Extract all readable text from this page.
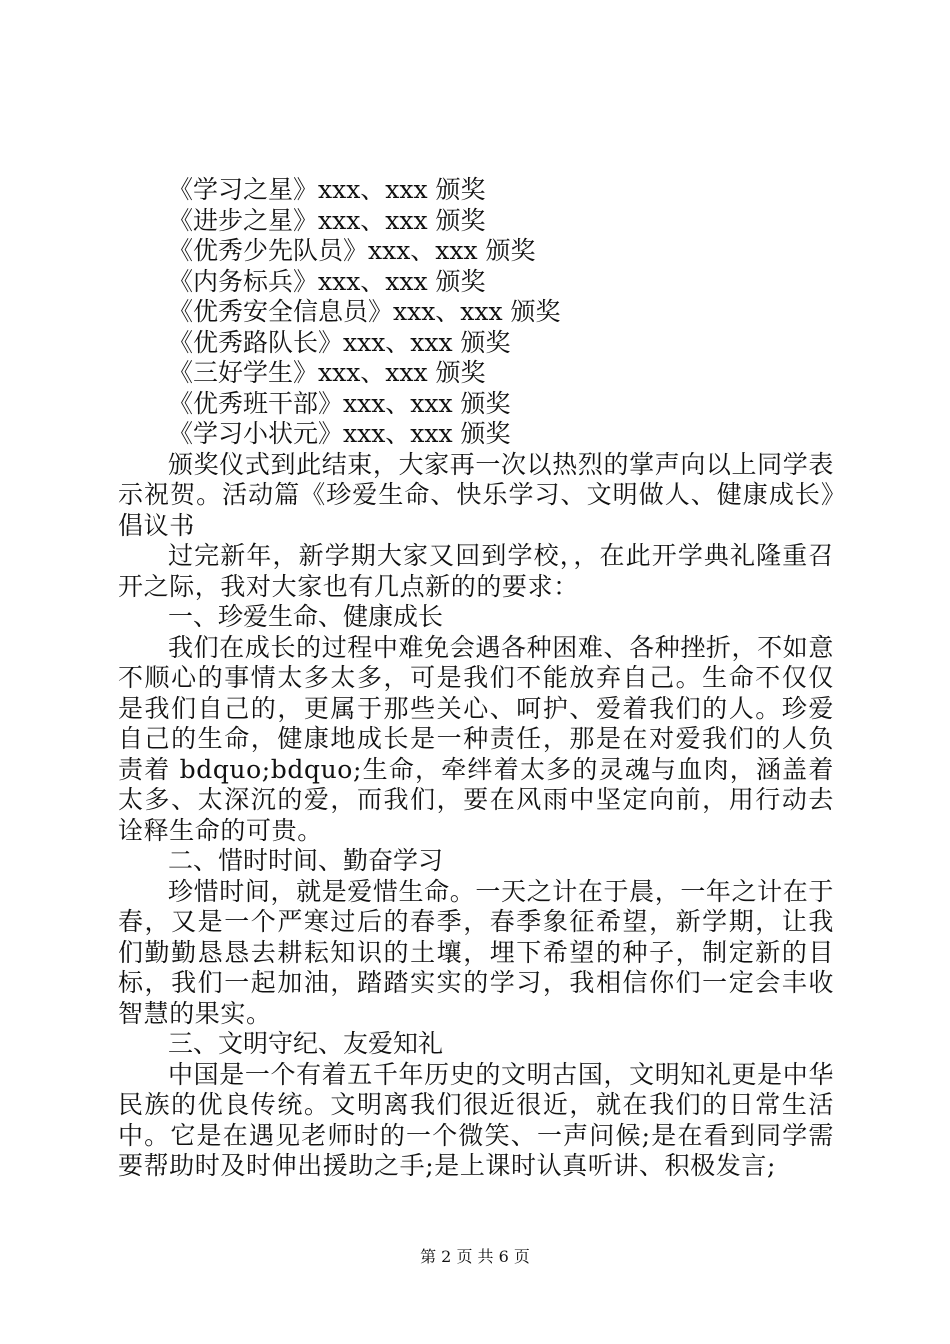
《学习之星》xxx、xxx 颁奖
《进步之星》xxx、xxx 颁奖
《优秀少先队员》xxx、xxx 颁奖
《内务标兵》xxx、xxx 颁奖
《优秀安全信息员》xxx、xxx 颁奖
《优秀路队长》xxx、xxx 颁奖
《三好学生》xxx、xxx 颁奖
《优秀班干部》xxx、xxx 颁奖
《学习小状元》xxx、xxx 颁奖

颁奖仪式到此结束，大家再一次以热烈的掌声向以上同学表示祝贺。活动篇《珍爱生命、快乐学习、文明做人、健康成长》倡议书

过完新年，新学期大家又回到学校，，在此开学典礼隆重召开之际，我对大家也有几点新的的要求：

一、珍爱生命、健康成长

我们在成长的过程中难免会遇各种困难、各种挫折，不如意不顺心的事情太多太多，可是我们不能放弃自己。生命不仅仅是我们自己的，更属于那些关心、呵护、爱着我们的人。珍爱自己的生命，健康地成长是一种责任，那是在对爱我们的人负责着 bdquo;bdquo;生命，牵绊着太多的灵魂与血肉，涵盖着太多、太深沉的爱，而我们，要在风雨中坚定向前，用行动去诠释生命的可贵。

二、惜时时间、勤奋学习

珍惜时间，就是爱惜生命。一天之计在于晨，一年之计在于春，又是一个严寒过后的春季，春季象征希望，新学期，让我们勤勤恳恳去耕耘知识的土壤，埋下希望的种子，制定新的目标，我们一起加油，踏踏实实的学习，我相信你们一定会丰收智慧的果实。

三、文明守纪、友爱知礼

中国是一个有着五千年历史的文明古国，文明知礼更是中华民族的优良传统。文明离我们很近很近，就在我们的日常生活中。它是在遇见老师时的一个微笑、一声问候;是在看到同学需要帮助时及时伸出援助之手;是上课时认真听讲、积极发言;

第 2 页 共 6 页
